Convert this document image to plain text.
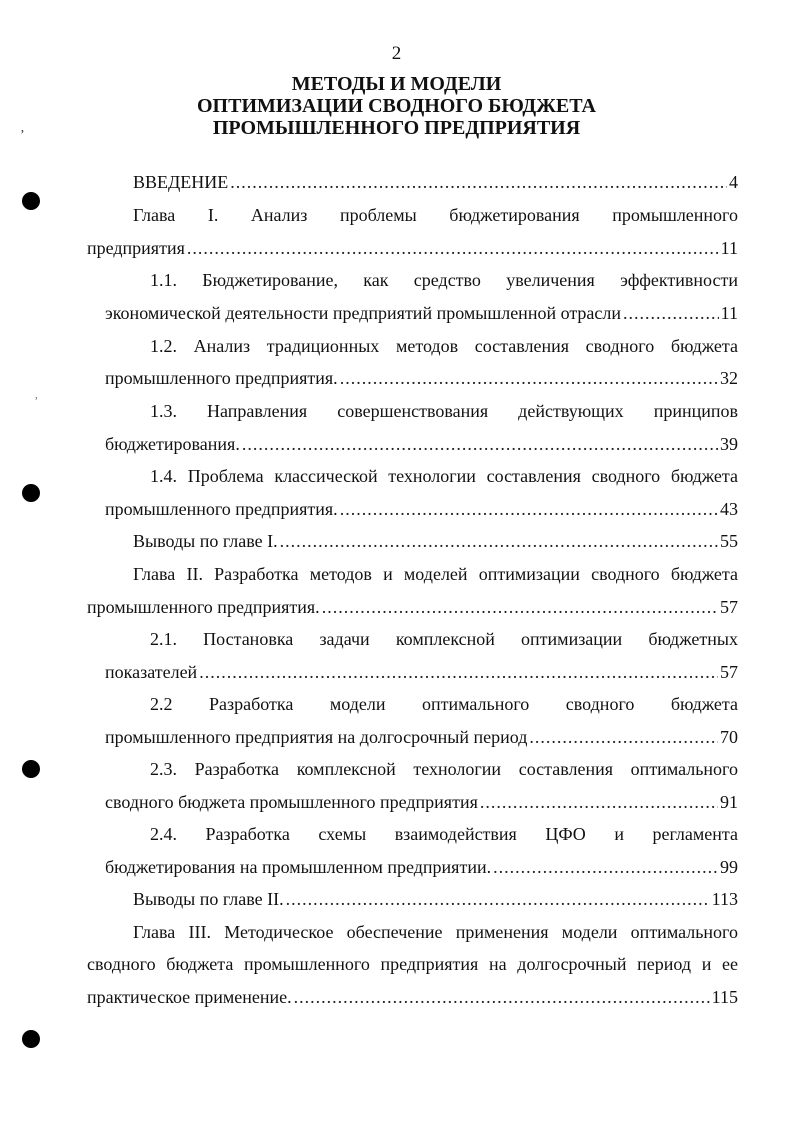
2
МЕТОДЫ И МОДЕЛИ
ОПТИМИЗАЦИИ СВОДНОГО БЮДЖЕТА
ПРОМЫШЛЕННОГО ПРЕДПРИЯТИЯ
ʼ
ʾ
ВВЕДЕНИЕ .....	4
Глава I. Анализ проблемы бюджетирования промышленного
предприятия .....	11
1.1. Бюджетирование, как средство увеличения эффективности
экономической деятельности предприятий промышленной отрасли .....	11
1.2. Анализ традиционных методов составления сводного бюджета
промышленного предприятия. .....	32
1.3. Направления совершенствования действующих принципов
бюджетирования. .....	39
1.4. Проблема классической технологии составления сводного бюджета
промышленного предприятия. .....	43
Выводы по главе I. .....	55
Глава II. Разработка методов и моделей оптимизации сводного бюджета
промышленного предприятия. .....	57
2.1. Постановка задачи комплексной оптимизации бюджетных
показателей .....	57
2.2 Разработка модели оптимального сводного бюджета
промышленного предприятия на долгосрочный период .....	70
2.3. Разработка комплексной технологии составления оптимального
сводного бюджета промышленного предприятия .....	91
2.4. Разработка схемы взаимодействия ЦФО и регламента
бюджетирования на промышленном предприятии. .....	99
Выводы по главе II. .....	113
Глава III. Методическое обеспечение применения модели оптимального
сводного бюджета промышленного предприятия на долгосрочный период и ее
практическое применение. .....	115
